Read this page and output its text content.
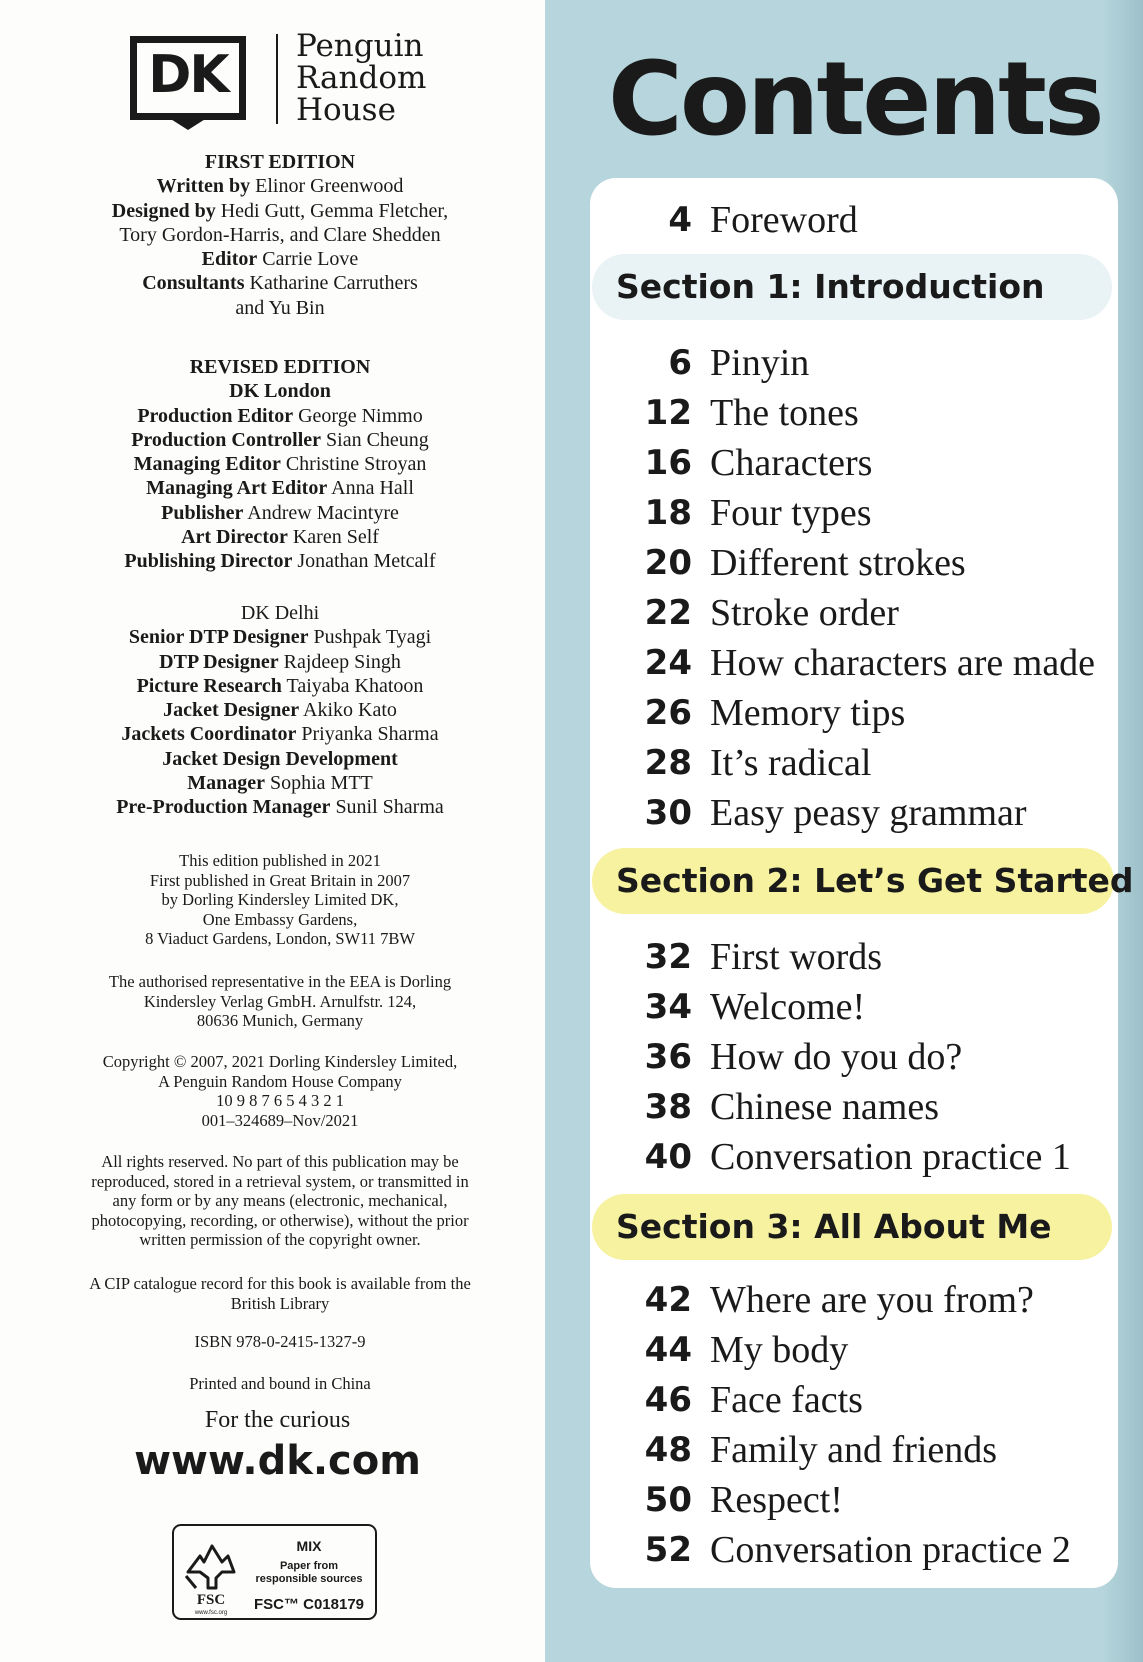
DK	Penguin
Random
House
FIRST EDITION
Written by Elinor Greenwood
Designed by Hedi Gutt, Gemma Fletcher,
Tory Gordon-Harris, and Clare Shedden
Editor Carrie Love
Consultants Katharine Carruthers
and Yu Bin
REVISED EDITION
DK London
Production Editor George Nimmo
Production Controller Sian Cheung
Managing Editor Christine Stroyan
Managing Art Editor Anna Hall
Publisher Andrew Macintyre
Art Director Karen Self
Publishing Director Jonathan Metcalf
DK Delhi
Senior DTP Designer Pushpak Tyagi
DTP Designer Rajdeep Singh
Picture Research Taiyaba Khatoon
Jacket Designer Akiko Kato
Jackets Coordinator Priyanka Sharma
Jacket Design Development
Manager Sophia MTT
Pre-Production Manager Sunil Sharma
This edition published in 2021
First published in Great Britain in 2007
by Dorling Kindersley Limited DK,
One Embassy Gardens,
8 Viaduct Gardens, London, SW11 7BW
The authorised representative in the EEA is Dorling
Kindersley Verlag GmbH. Arnulfstr. 124,
80636 Munich, Germany
Copyright © 2007, 2021 Dorling Kindersley Limited,
A Penguin Random House Company
10 9 8 7 6 5 4 3 2 1
001–324689–Nov/2021
All rights reserved. No part of this publication may be
reproduced, stored in a retrieval system, or transmitted in
any form or by any means (electronic, mechanical,
photocopying, recording, or otherwise), without the prior
written permission of the copyright owner.
A CIP catalogue record for this book is available from the
British Library
ISBN 978-0-2415-1327-9
Printed and bound in China
For the curious
www.dk.com
FSC
www.fsc.org
MIX
Paper from
responsible sources
FSC™ C018179
Contents
4 Foreword
Section 1: Introduction
6 Pinyin
12 The tones
16 Characters
18 Four types
20 Different strokes
22 Stroke order
24 How characters are made
26 Memory tips
28 It’s radical
30 Easy peasy grammar
Section 2: Let’s Get Started
32 First words
34 Welcome!
36 How do you do?
38 Chinese names
40 Conversation practice 1
Section 3: All About Me
42 Where are you from?
44 My body
46 Face facts
48 Family and friends
50 Respect!
52 Conversation practice 2
